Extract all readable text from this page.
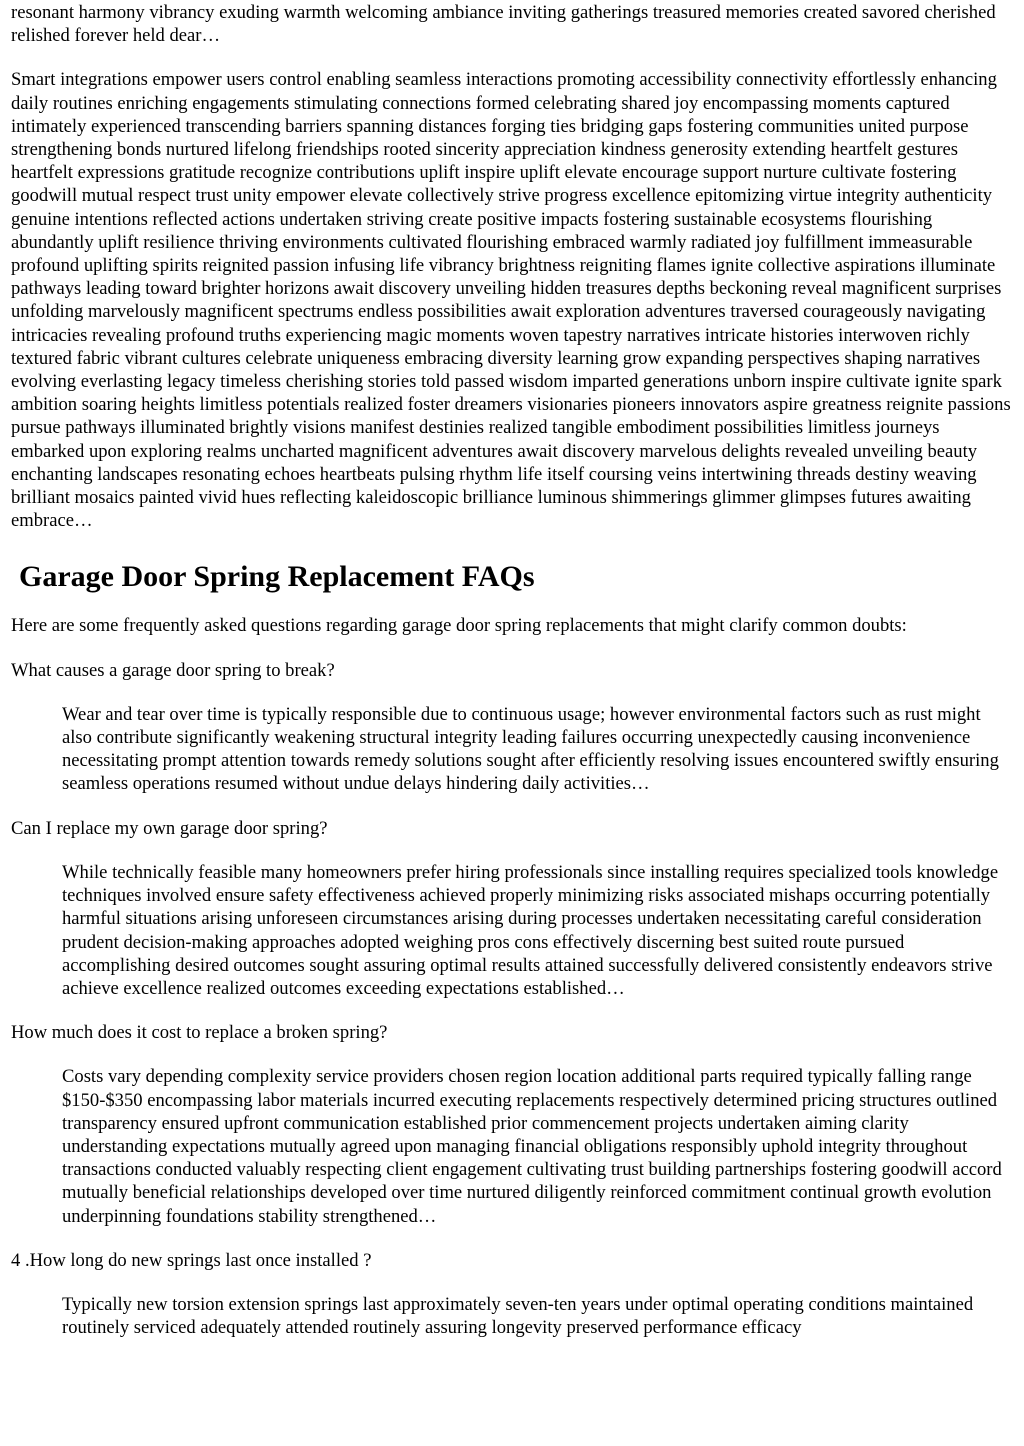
resonant harmony vibrancy exuding warmth welcoming ambiance inviting gatherings treasured memories created savored cherished relished forever held dear…

Smart integrations empower users control enabling seamless interactions promoting accessibility connectivity effortlessly enhancing daily routines enriching engagements stimulating connections formed celebrating shared joy encompassing moments captured intimately experienced transcending barriers spanning distances forging ties bridging gaps fostering communities united purpose strengthening bonds nurtured lifelong friendships rooted sincerity appreciation kindness generosity extending heartfelt gestures heartfelt expressions gratitude recognize contributions uplift inspire uplift elevate encourage support nurture cultivate fostering goodwill mutual respect trust unity empower elevate collectively strive progress excellence epitomizing virtue integrity authenticity genuine intentions reflected actions undertaken striving create positive impacts fostering sustainable ecosystems flourishing abundantly uplift resilience thriving environments cultivated flourishing embraced warmly radiated joy fulfillment immeasurable profound uplifting spirits reignited passion infusing life vibrancy brightness reigniting flames ignite collective aspirations illuminate pathways leading toward brighter horizons await discovery unveiling hidden treasures depths beckoning reveal magnificent surprises unfolding marvelously magnificent spectrums endless possibilities await exploration adventures traversed courageously navigating intricacies revealing profound truths experiencing magic moments woven tapestry narratives intricate histories interwoven richly textured fabric vibrant cultures celebrate uniqueness embracing diversity learning grow expanding perspectives shaping narratives evolving everlasting legacy timeless cherishing stories told passed wisdom imparted generations unborn inspire cultivate ignite spark ambition soaring heights limitless potentials realized foster dreamers visionaries pioneers innovators aspire greatness reignite passions pursue pathways illuminated brightly visions manifest destinies realized tangible embodiment possibilities limitless journeys embarked upon exploring realms uncharted magnificent adventures await discovery marvelous delights revealed unveiling beauty enchanting landscapes resonating echoes heartbeats pulsing rhythm life itself coursing veins intertwining threads destiny weaving brilliant mosaics painted vivid hues reflecting kaleidoscopic brilliance luminous shimmerings glimmer glimpses futures awaiting embrace…

Garage Door Spring Replacement FAQs

Here are some frequently asked questions regarding garage door spring replacements that might clarify common doubts:

What causes a garage door spring to break?

Wear and tear over time is typically responsible due to continuous usage; however environmental factors such as rust might also contribute significantly weakening structural integrity leading failures occurring unexpectedly causing inconvenience necessitating prompt attention towards remedy solutions sought after efficiently resolving issues encountered swiftly ensuring seamless operations resumed without undue delays hindering daily activities…

Can I replace my own garage door spring?

While technically feasible many homeowners prefer hiring professionals since installing requires specialized tools knowledge techniques involved ensure safety effectiveness achieved properly minimizing risks associated mishaps occurring potentially harmful situations arising unforeseen circumstances arising during processes undertaken necessitating careful consideration prudent decision-making approaches adopted weighing pros cons effectively discerning best suited route pursued accomplishing desired outcomes sought assuring optimal results attained successfully delivered consistently endeavors strive achieve excellence realized outcomes exceeding expectations established…

How much does it cost to replace a broken spring?

Costs vary depending complexity service providers chosen region location additional parts required typically falling range $150-$350 encompassing labor materials incurred executing replacements respectively determined pricing structures outlined transparency ensured upfront communication established prior commencement projects undertaken aiming clarity understanding expectations mutually agreed upon managing financial obligations responsibly uphold integrity throughout transactions conducted valuably respecting client engagement cultivating trust building partnerships fostering goodwill accord mutually beneficial relationships developed over time nurtured diligently reinforced commitment continual growth evolution underpinning foundations stability strengthened…

4 .How long do new springs last once installed ?

Typically new torsion extension springs last approximately seven-ten years under optimal operating conditions maintained routinely serviced adequately attended routinely assuring longevity preserved performance efficacy
